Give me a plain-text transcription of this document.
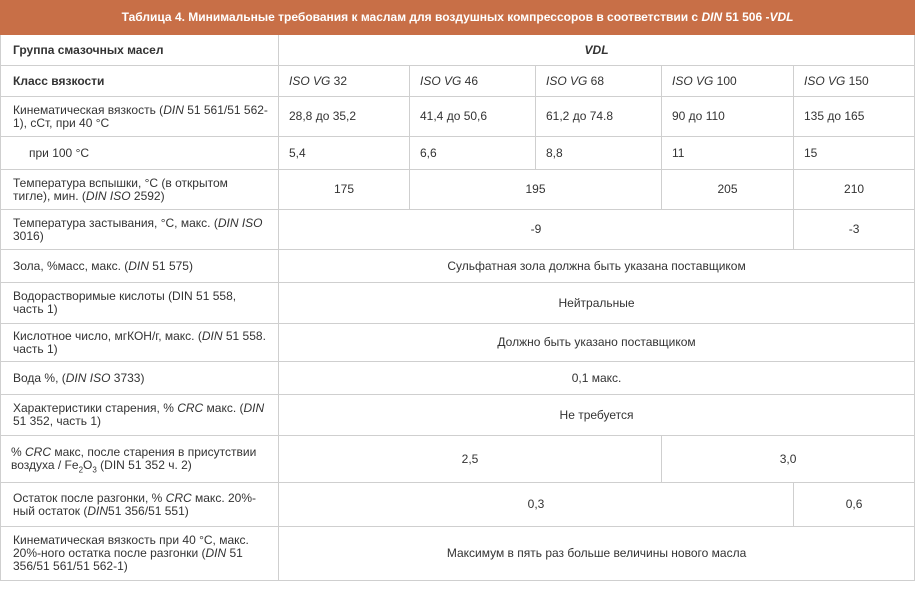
Таблица 4. Минимальные требования к маслам для воздушных компрессоров в соответствии с DIN 51 506 -VDL					
Группа смазочных масел	VDL				
Класс вязкости	ISO VG 32	ISO VG 46	ISO VG 68	ISO VG 100	ISO VG 150
Кинематическая вязкость (DIN 51 561/51 562-1), сСт, при 40 °С	28,8 до 35,2	41,4 до 50,6	61,2 до 74.8	90 до 110	135 до 165
при 100 °С	5,4	6,6	8,8	11	15
Температура вспышки, °С (в открытом тигле), мин. (DIN ISO 2592)	175	195		205	210
Температура застывания, °С, макс. (DIN ISO 3016)	-9				-3
Зола, %масс, макс. (DIN 51 575)	Сульфатная зола должна быть указана поставщиком				
Водорастворимые кислоты (DIN 51 558, часть 1)	Нейтральные				
Кислотное число, мгКОН/г, макс. (DIN 51 558. часть 1)	Должно быть указано поставщиком				
Вода %, (DIN ISO 3733)	0,1 макс.				
Характеристики старения, % CRC макс. (DIN 51 352, часть 1)	Не требуется				
% CRC макс, после старения в присутствии воздуха / $Fe_2O_3$ (DIN 51 352 ч. 2)	2,5			3,0	
Остаток после разгонки, % CRC макс. 20%-ный остаток (DIN51 356/51 551)	0,3				0,6
Кинематическая вязкость при 40 °С, макс. 20%-ного остатка после разгонки (DIN 51 356/51 561/51 562-1)	Максимум в пять раз больше величины нового масла				
